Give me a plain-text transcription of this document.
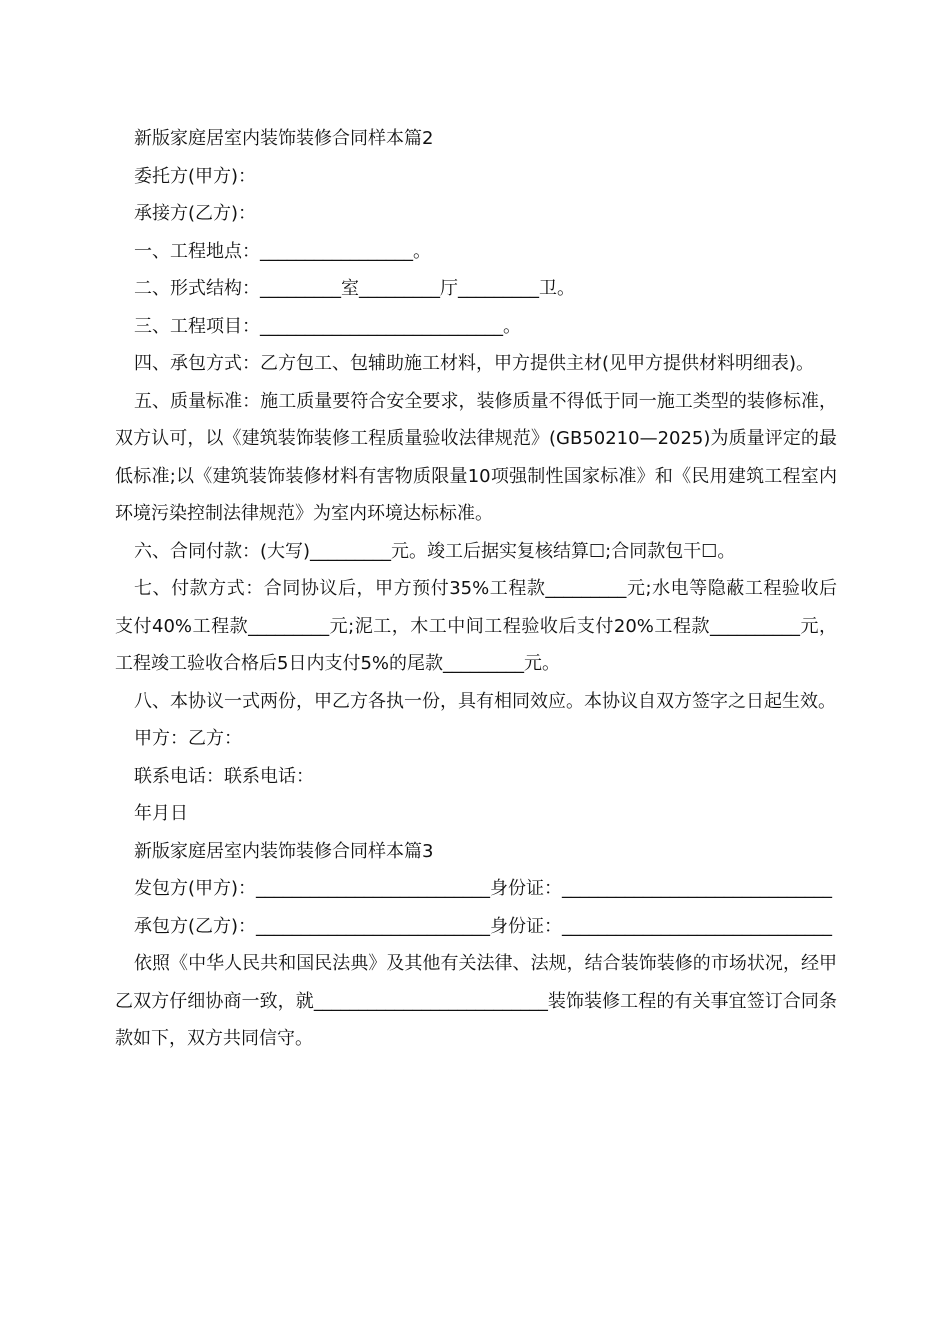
新版家庭居室内装饰装修合同样本篇2

委托方(甲方)：

承接方(乙方)：

一、工程地点：_________________。

二、形式结构：_________室_________厅_________卫。

三、工程项目：___________________________。

四、承包方式：乙方包工、包辅助施工材料，甲方提供主材(见甲方提供材料明细表)。

五、质量标准：施工质量要符合安全要求，装修质量不得低于同一施工类型的装修标准，双方认可，以《建筑装饰装修工程质量验收法律规范》(GB50210—2025)为质量评定的最低标准;以《建筑装饰装修材料有害物质限量10项强制性国家标准》和《民用建筑工程室内环境污染控制法律规范》为室内环境达标标准。

六、合同付款：(大写)_________元。竣工后据实复核结算☐;合同款包干☐。

七、付款方式：合同协议后，甲方预付35%工程款_________元;水电等隐蔽工程验收后支付40%工程款_________元;泥工，木工中间工程验收后支付20%工程款__________元，工程竣工验收合格后5日内支付5%的尾款_________元。

八、本协议一式两份，甲乙方各执一份，具有相同效应。本协议自双方签字之日起生效。

甲方：乙方：

联系电话：联系电话：

年月日

新版家庭居室内装饰装修合同样本篇3

发包方(甲方)：__________________________身份证：______________________________

承包方(乙方)：__________________________身份证：______________________________

依照《中华人民共和国民法典》及其他有关法律、法规，结合装饰装修的市场状况，经甲乙双方仔细协商一致，就__________________________装饰装修工程的有关事宜签订合同条款如下，双方共同信守。
